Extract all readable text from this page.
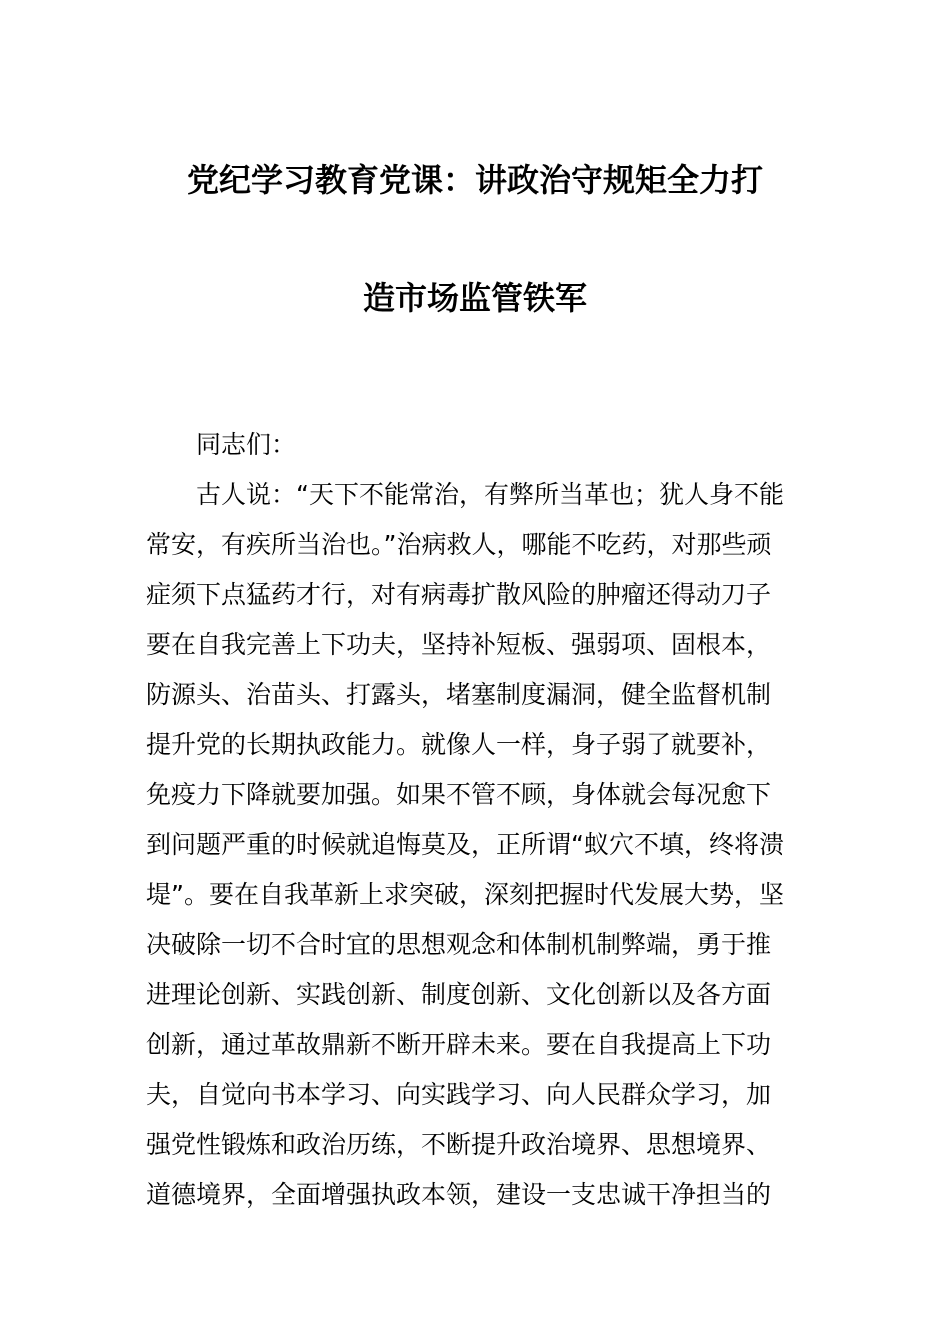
党纪学习教育党课：讲政治守规矩全力打
造市场监管铁军
同志们：
古人说：“天下不能常治，有弊所当革也；犹人身不能
常安，有疾所当治也。”治病救人，哪能不吃药，对那些顽
症须下点猛药才行，对有病毒扩散风险的肿瘤还得动刀子
要在自我完善上下功夫，坚持补短板、强弱项、固根本，
防源头、治苗头、打露头，堵塞制度漏洞，健全监督机制
提升党的长期执政能力。就像人一样，身子弱了就要补，
免疫力下降就要加强。如果不管不顾，身体就会每况愈下
到问题严重的时候就追悔莫及，正所谓“蚁穴不填，终将溃
堤”。要在自我革新上求突破，深刻把握时代发展大势，坚
决破除一切不合时宜的思想观念和体制机制弊端，勇于推
进理论创新、实践创新、制度创新、文化创新以及各方面
创新，通过革故鼎新不断开辟未来。要在自我提高上下功
夫，自觉向书本学习、向实践学习、向人民群众学习，加
强党性锻炼和政治历练，不断提升政治境界、思想境界、
道德境界，全面增强执政本领，建设一支忠诚干净担当的
